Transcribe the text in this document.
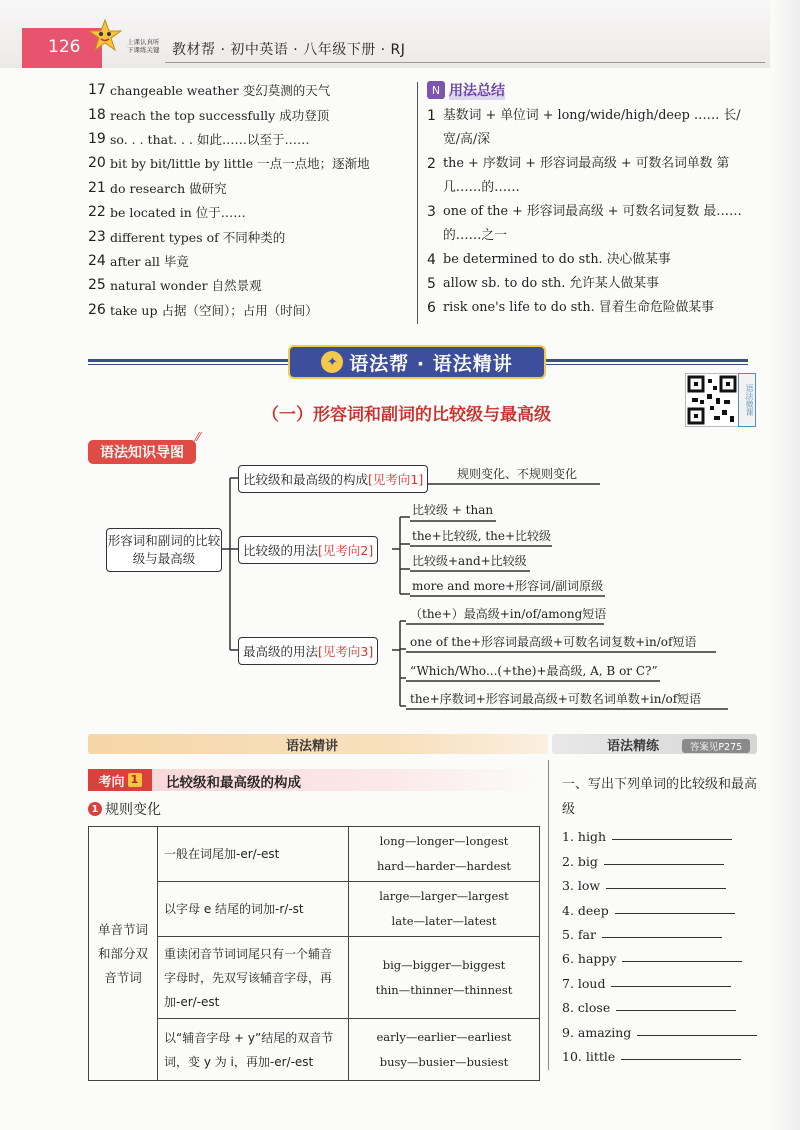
126	上课认真听 下课练关键 教材帮 · 初中英语 · 八年级下册 · RJ
17 changeable weather 变幻莫测的天气
18 reach the top successfully 成功登顶
19 so. . . that. . . 如此……以至于……
20 bit by bit/little by little 一点一点地；逐渐地
21 do research 做研究
22 be located in 位于……
23 different types of 不同种类的
24 after all 毕竟
25 natural wonder 自然景观
26 take up 占据（空间）；占用（时间）
N 用法总结
1 基数词 + 单位词 + long/wide/high/deep …… 长/宽/高/深
2 the + 序数词 + 形容词最高级 + 可数名词单数 第几……的……
3 one of the + 形容词最高级 + 可数名词复数 最……的……之一
4 be determined to do sth. 决心做某事
5 allow sb. to do sth. 允许某人做某事
6 risk one's life to do sth. 冒着生命危险做某事
✦ 语法帮 · 语法精讲
语法微课
（一）形容词和副词的比较级与最高级
语法知识导图
⁄⁄
形容词和副词的比较级与最高级
比较级和最高级的构成 [见考向1]	规则变化、不规则变化
比较级的用法 [见考向2]
比较级 + than
the+比较级, the+比较级
比较级+and+比较级
more and more+形容词/副词原级
最高级的用法 [见考向3]
（the+）最高级+in/of/among短语
one of the+形容词最高级+可数名词复数+in/of短语
“Which/Who...(+the)+最高级, A, B or C?”
the+序数词+形容词最高级+可数名词单数+in/of短语
语法精讲	语法精练	答案见P275
考向 1 比较级和最高级的构成
1 规则变化
单音节词和部分双音节词	一般在词尾加-er/-est	long—longer—longest
hard—harder—hardest

	以字母 e 结尾的词加-r/-st	large—larger—largest
late—later—latest

	重读闭音节词词尾只有一个辅音字母时，先双写该辅音字母，再加-er/-est	big—bigger—biggest
thin—thinner—thinnest

	以“辅音字母 + y”结尾的双音节词，变 y 为 i，再加-er/-est	early—earlier—earliest
busy—busier—busiest
一、写出下列单词的比较级和最高级
1. high
2. big
3. low
4. deep
5. far
6. happy
7. loud
8. close
9. amazing
10. little
